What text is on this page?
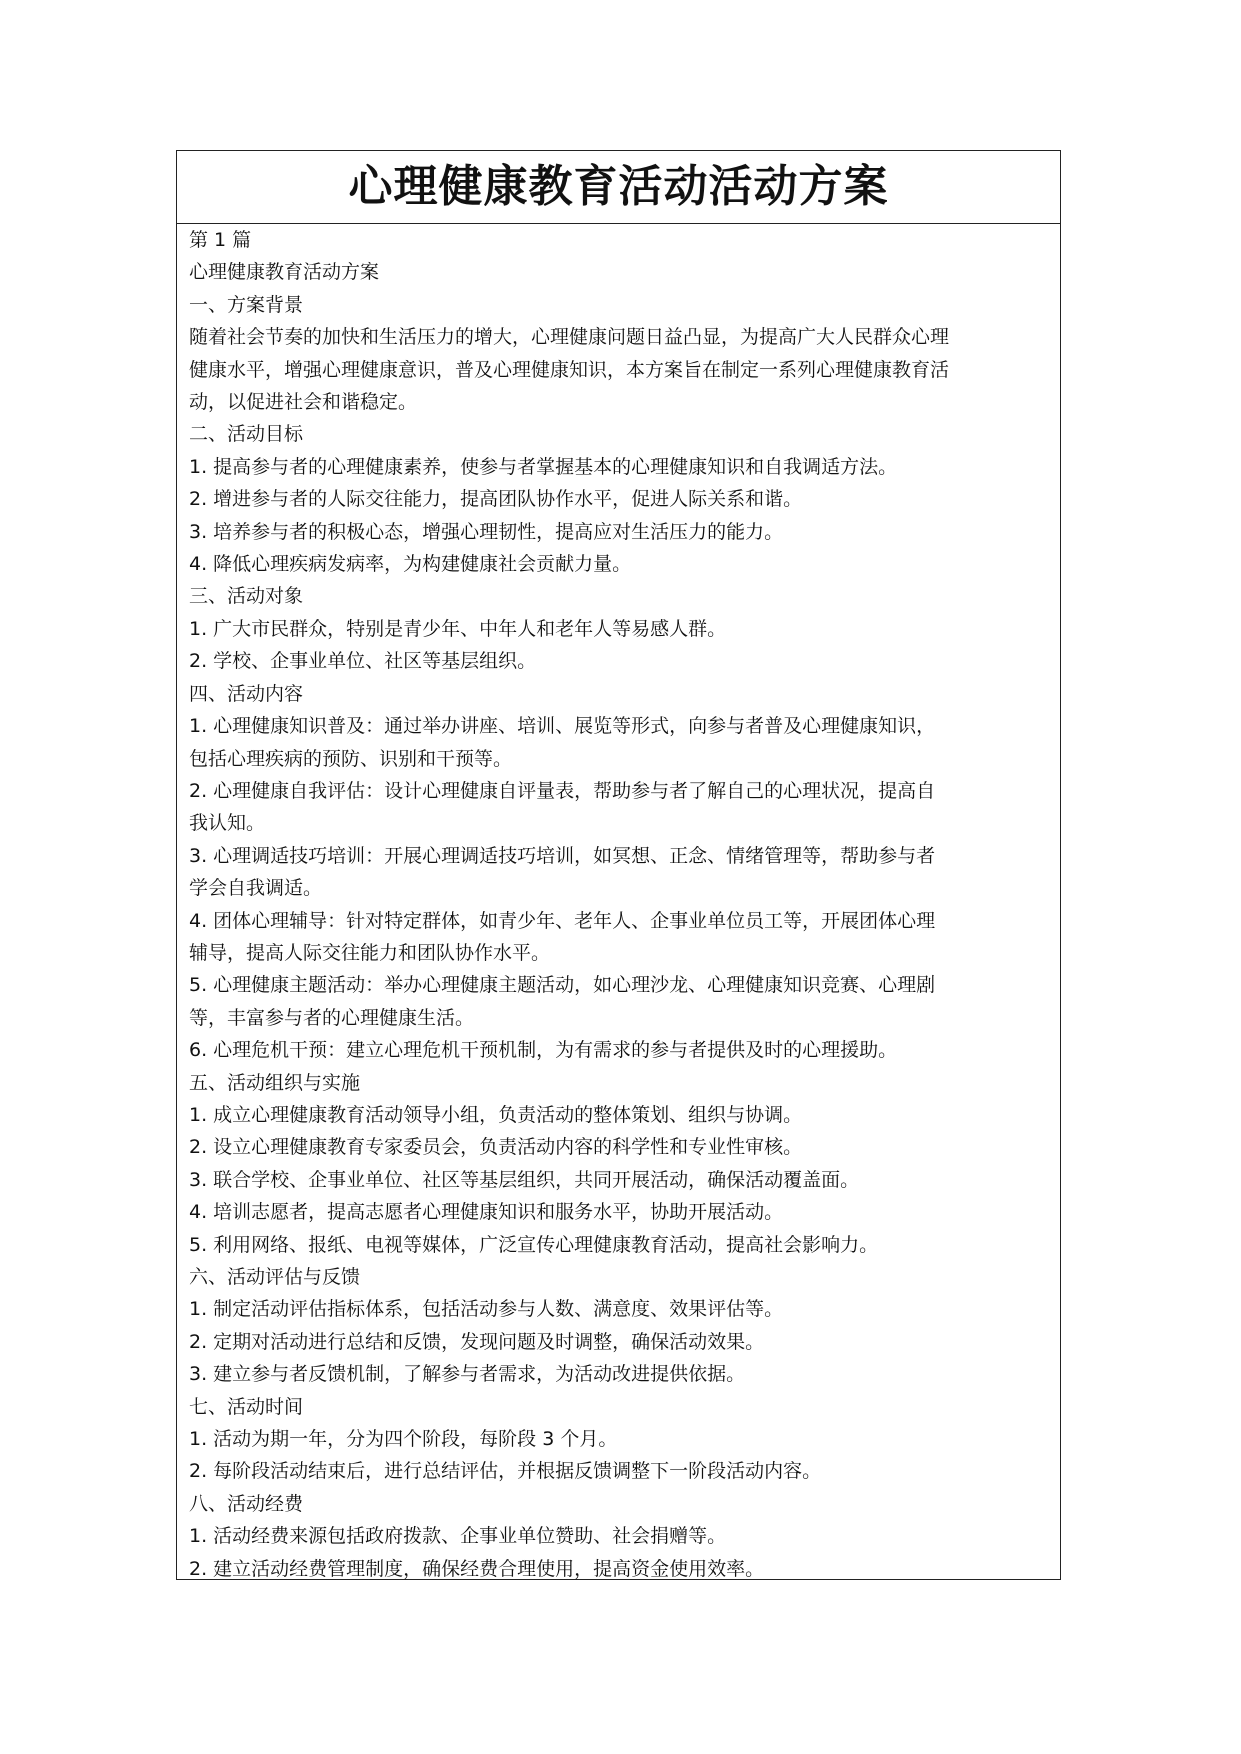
心理健康教育活动活动方案
第 1 篇
心理健康教育活动方案
一、方案背景
随着社会节奏的加快和生活压力的增大，心理健康问题日益凸显，为提高广大人民群众心理
健康水平，增强心理健康意识，普及心理健康知识，本方案旨在制定一系列心理健康教育活
动，以促进社会和谐稳定。
二、活动目标
1. 提高参与者的心理健康素养，使参与者掌握基本的心理健康知识和自我调适方法。
2. 增进参与者的人际交往能力，提高团队协作水平，促进人际关系和谐。
3. 培养参与者的积极心态，增强心理韧性，提高应对生活压力的能力。
4. 降低心理疾病发病率，为构建健康社会贡献力量。
三、活动对象
1. 广大市民群众，特别是青少年、中年人和老年人等易感人群。
2. 学校、企事业单位、社区等基层组织。
四、活动内容
1. 心理健康知识普及：通过举办讲座、培训、展览等形式，向参与者普及心理健康知识，
包括心理疾病的预防、识别和干预等。
2. 心理健康自我评估：设计心理健康自评量表，帮助参与者了解自己的心理状况，提高自
我认知。
3. 心理调适技巧培训：开展心理调适技巧培训，如冥想、正念、情绪管理等，帮助参与者
学会自我调适。
4. 团体心理辅导：针对特定群体，如青少年、老年人、企事业单位员工等，开展团体心理
辅导，提高人际交往能力和团队协作水平。
5. 心理健康主题活动：举办心理健康主题活动，如心理沙龙、心理健康知识竞赛、心理剧
等，丰富参与者的心理健康生活。
6. 心理危机干预：建立心理危机干预机制，为有需求的参与者提供及时的心理援助。
五、活动组织与实施
1. 成立心理健康教育活动领导小组，负责活动的整体策划、组织与协调。
2. 设立心理健康教育专家委员会，负责活动内容的科学性和专业性审核。
3. 联合学校、企事业单位、社区等基层组织，共同开展活动，确保活动覆盖面。
4. 培训志愿者，提高志愿者心理健康知识和服务水平，协助开展活动。
5. 利用网络、报纸、电视等媒体，广泛宣传心理健康教育活动，提高社会影响力。
六、活动评估与反馈
1. 制定活动评估指标体系，包括活动参与人数、满意度、效果评估等。
2. 定期对活动进行总结和反馈，发现问题及时调整，确保活动效果。
3. 建立参与者反馈机制，了解参与者需求，为活动改进提供依据。
七、活动时间
1. 活动为期一年，分为四个阶段，每阶段 3 个月。
2. 每阶段活动结束后，进行总结评估，并根据反馈调整下一阶段活动内容。
八、活动经费
1. 活动经费来源包括政府拨款、企事业单位赞助、社会捐赠等。
2. 建立活动经费管理制度，确保经费合理使用，提高资金使用效率。
